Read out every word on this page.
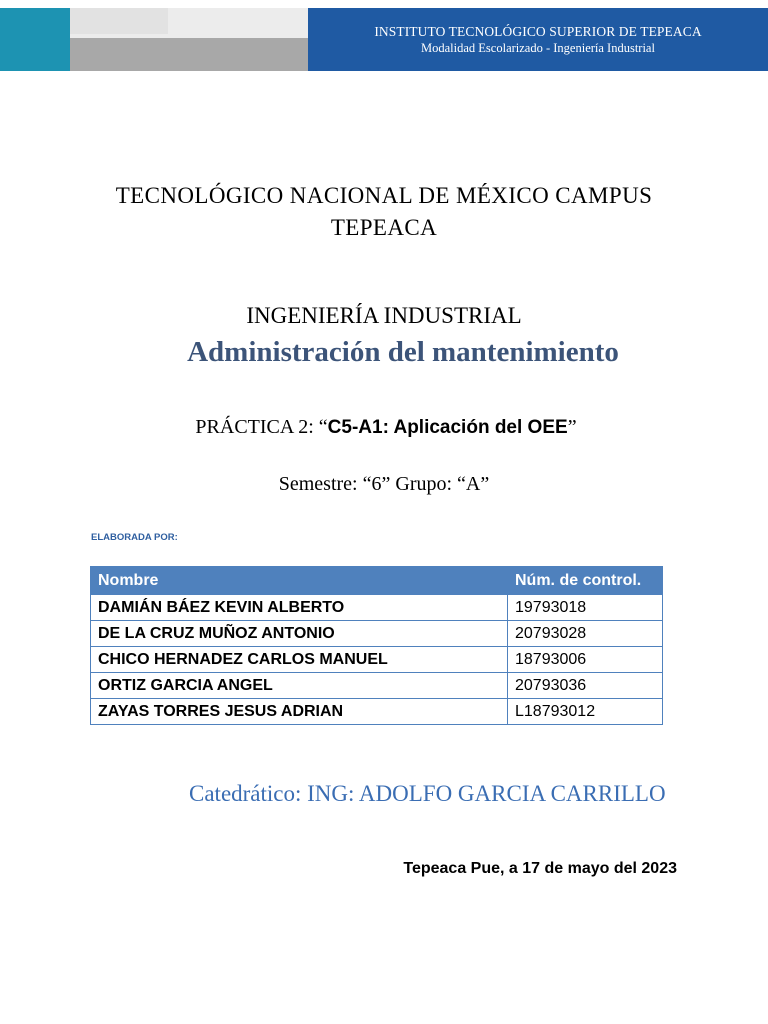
INSTITUTO TECNOLÓGICO SUPERIOR DE TEPEACA
Modalidad Escolarizado - Ingeniería Industrial
TECNOLÓGICO NACIONAL DE MÉXICO CAMPUS
TEPEACA
INGENIERÍA INDUSTRIAL
Administración del mantenimiento
PRÁCTICA 2: “C5-A1: Aplicación del OEE”
Semestre: “6” Grupo: “A”
ELABORADA POR:
Nombre	Núm. de control.
DAMIÁN BÁEZ KEVIN ALBERTO	19793018
DE LA CRUZ MUÑOZ ANTONIO	20793028
CHICO HERNADEZ CARLOS MANUEL	18793006
ORTIZ GARCIA ANGEL	20793036
ZAYAS TORRES JESUS ADRIAN	L18793012
Catedrático: ING: ADOLFO GARCIA CARRILLO
Tepeaca Pue, a 17 de mayo del 2023
